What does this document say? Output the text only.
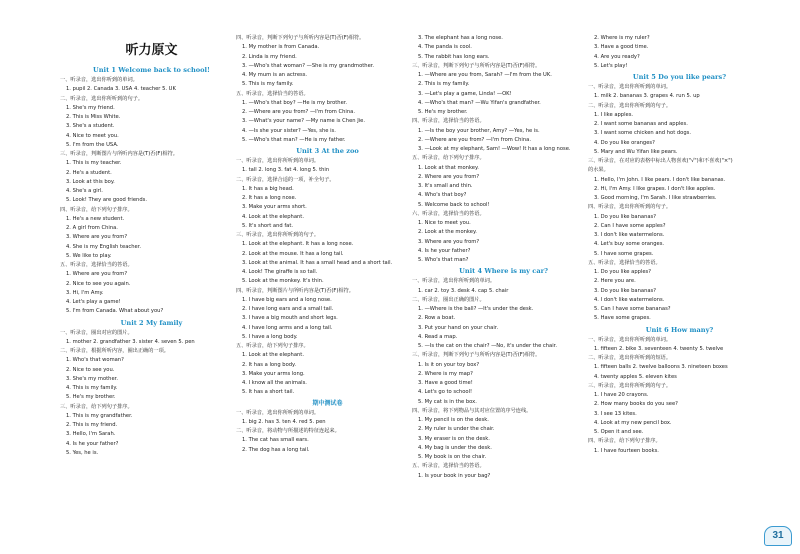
听力原文
Unit 1 Welcome back to school!
一、听录音，选出你听到的单词。
1. pupil 2. Canada 3. USA 4. teacher 5. UK
二、听录音，选出你所听到的句子。
1. She's my friend.
2. This is Miss White.
3. She's a student.
4. Nice to meet you.
5. I'm from the USA.
三、听录音，判断图片与所听内容是(T)否(F)相符。
1. This is my teacher.
2. He's a student.
3. Look at this boy.
4. She's a girl.
5. Look! They are good friends.
四、听录音，给下列句子排序。
1. He's a new student.
2. A girl from China.
3. Where are you from?
4. She is my English teacher.
5. We like to play.
五、听录音，选择恰当的答语。
1. Where are you from?
2. Nice to see you again.
3. Hi, I'm Amy.
4. Let's play a game!
5. I'm from Canada. What about you?
Unit 2 My family
一、听录音，圈出对应的图片。
1. mother 2. grandfather 3. sister 4. seven 5. pen
二、听录音，根据所听内容，圈出正确的一项。
1. Who's that woman?
2. Nice to see you.
3. She's my mother.
4. This is my family.
5. He's my brother.
三、听录音，给下列句子排序。
1. This is my grandfather.
2. This is my friend.
3. Hello, I'm Sarah.
4. Is he your father?
5. Yes, he is.
四、听录音，判断下列句子与所听内容是(T)否(F)相符。
1. My mother is from Canada.
2. Linda is my friend.
3. —Who's that woman? —She is my grandmother.
4. My mum is an actress.
5. This is my family.
五、听录音，选择恰当的答语。
1. —Who's that boy? —He is my brother.
2. —Where are you from? —I'm from China.
3. —What's your name? —My name is Chen Jie.
4. —Is she your sister? —Yes, she is.
5. —Who's that man? —He is my father.
Unit 3 At the zoo
一、听录音，选出你所听到的单词。
1. tall 2. long 3. fat 4. long 5. thin
二、听录音，选择合适的一项，补全句子。
1. It has a big head.
2. It has a long nose.
3. Make your arms short.
4. Look at the elephant.
5. It's short and fat.
三、听录音，选出你所听到的句子。
1. Look at the elephant. It has a long nose.
2. Look at the mouse. It has a long tail.
3. Look at the animal. It has a small head and a short tail.
4. Look! The giraffe is so tall.
5. Look at the monkey. It's thin.
四、听录音，判断图片与所听内容是(T)否(F)相符。
1. I have big ears and a long nose.
2. I have long ears and a small tail.
3. I have a big mouth and short legs.
4. I have long arms and a long tail.
5. I have a long body.
五、听录音，给下列句子排序。
1. Look at the elephant.
2. It has a long body.
3. Make your arms long.
4. I know all the animals.
5. It has a short tail.
期中测试卷
一、听录音，选出你所听到的单词。
1. big 2. has 3. ten 4. red 5. pen
二、听录音，将动物与所描述的特征连起来。
1. The cat has small ears.
2. The dog has a long tail.
3. The elephant has a long nose.
4. The panda is cool.
5. The rabbit has long ears.
三、听录音，判断下列句子与所听内容是(T)否(F)相符。
1. —Where are you from, Sarah? —I'm from the UK.
2. This is my family.
3. —Let's play a game, Linda! —OK!
4. —Who's that man? —Wu Yifan's grandfather.
5. He's my brother.
四、听录音，选择恰当的答语。
1. —Is the boy your brother, Amy? —Yes, he is.
2. —Where are you from? —I'm from China.
3. —Look at my elephant, Sam! —Wow! It has a long nose.
五、听录音，给下列句子排序。
1. Look at that monkey.
2. Where are you from?
3. It's small and thin.
4. Who's that boy?
5. Welcome back to school!
六、听录音，选择恰当的答语。
1. Nice to meet you.
2. Look at the monkey.
3. Where are you from?
4. Is he your father?
5. Who's that man?
Unit 4 Where is my car?
一、听录音，选出你所听到的单词。
1. car 2. toy 3. desk 4. cap 5. chair
二、听录音，圈出正确的图片。
1. —Where is the ball? —It's under the desk.
2. Row a boat.
3. Put your hand on your chair.
4. Read a map.
5. —Is the cat on the chair? —No, it's under the chair.
三、听录音，判断下列句子与所听内容是(T)否(F)相符。
1. Is it on your toy box?
2. Where is my map?
3. Have a good time!
4. Let's go to school!
5. My cat is in the box.
四、听录音，将下列物品与其对应位置的序号连线。
1. My pencil is on the desk.
2. My ruler is under the chair.
3. My eraser is on the desk.
4. My bag is under the desk.
5. My book is on the chair.
五、听录音，选择恰当的答语。
1. Is your book in your bag?
2. Where is my ruler?
3. Have a good time.
4. Are you ready?
5. Let's play!
Unit 5 Do you like pears?
一、听录音，选出你所听到的单词。
1. milk 2. bananas 3. grapes 4. run 5. up
二、听录音，选出你所听到的句子。
1. I like apples.
2. I want some bananas and apples.
3. I want some chicken and hot dogs.
4. Do you like oranges?
5. Mary and Wu Yifan like pears.
三、听录音，在对应的表格中标出人物喜欢("√")和不喜欢("×")
的水果。
1. Hello, I'm John. I like pears. I don't like bananas.
2. Hi, I'm Amy. I like grapes. I don't like apples.
3. Good morning, I'm Sarah. I like strawberries.
四、听录音，选出你所听到的句子。
1. Do you like bananas?
2. Can I have some apples?
3. I don't like watermelons.
4. Let's buy some oranges.
5. I have some grapes.
五、听录音，选择恰当的答语。
1. Do you like apples?
2. Here you are.
3. Do you like bananas?
4. I don't like watermelons.
5. Can I have some bananas?
5. Have some grapes.
Unit 6 How many?
一、听录音，选出你所听到的单词。
1. fifteen 2. bike 3. seventeen 4. twenty 5. twelve
二、听录音，选出你所听到的短语。
1. fifteen balls 2. twelve balloons 3. nineteen boxes
4. twenty apples 5. eleven kites
三、听录音，选出你所听到的句子。
1. I have 20 crayons.
2. How many books do you see?
3. I see 13 kites.
4. Look at my new pencil box.
5. Open it and see.
四、听录音，给下列句子排序。
1. I have fourteen books.
31
